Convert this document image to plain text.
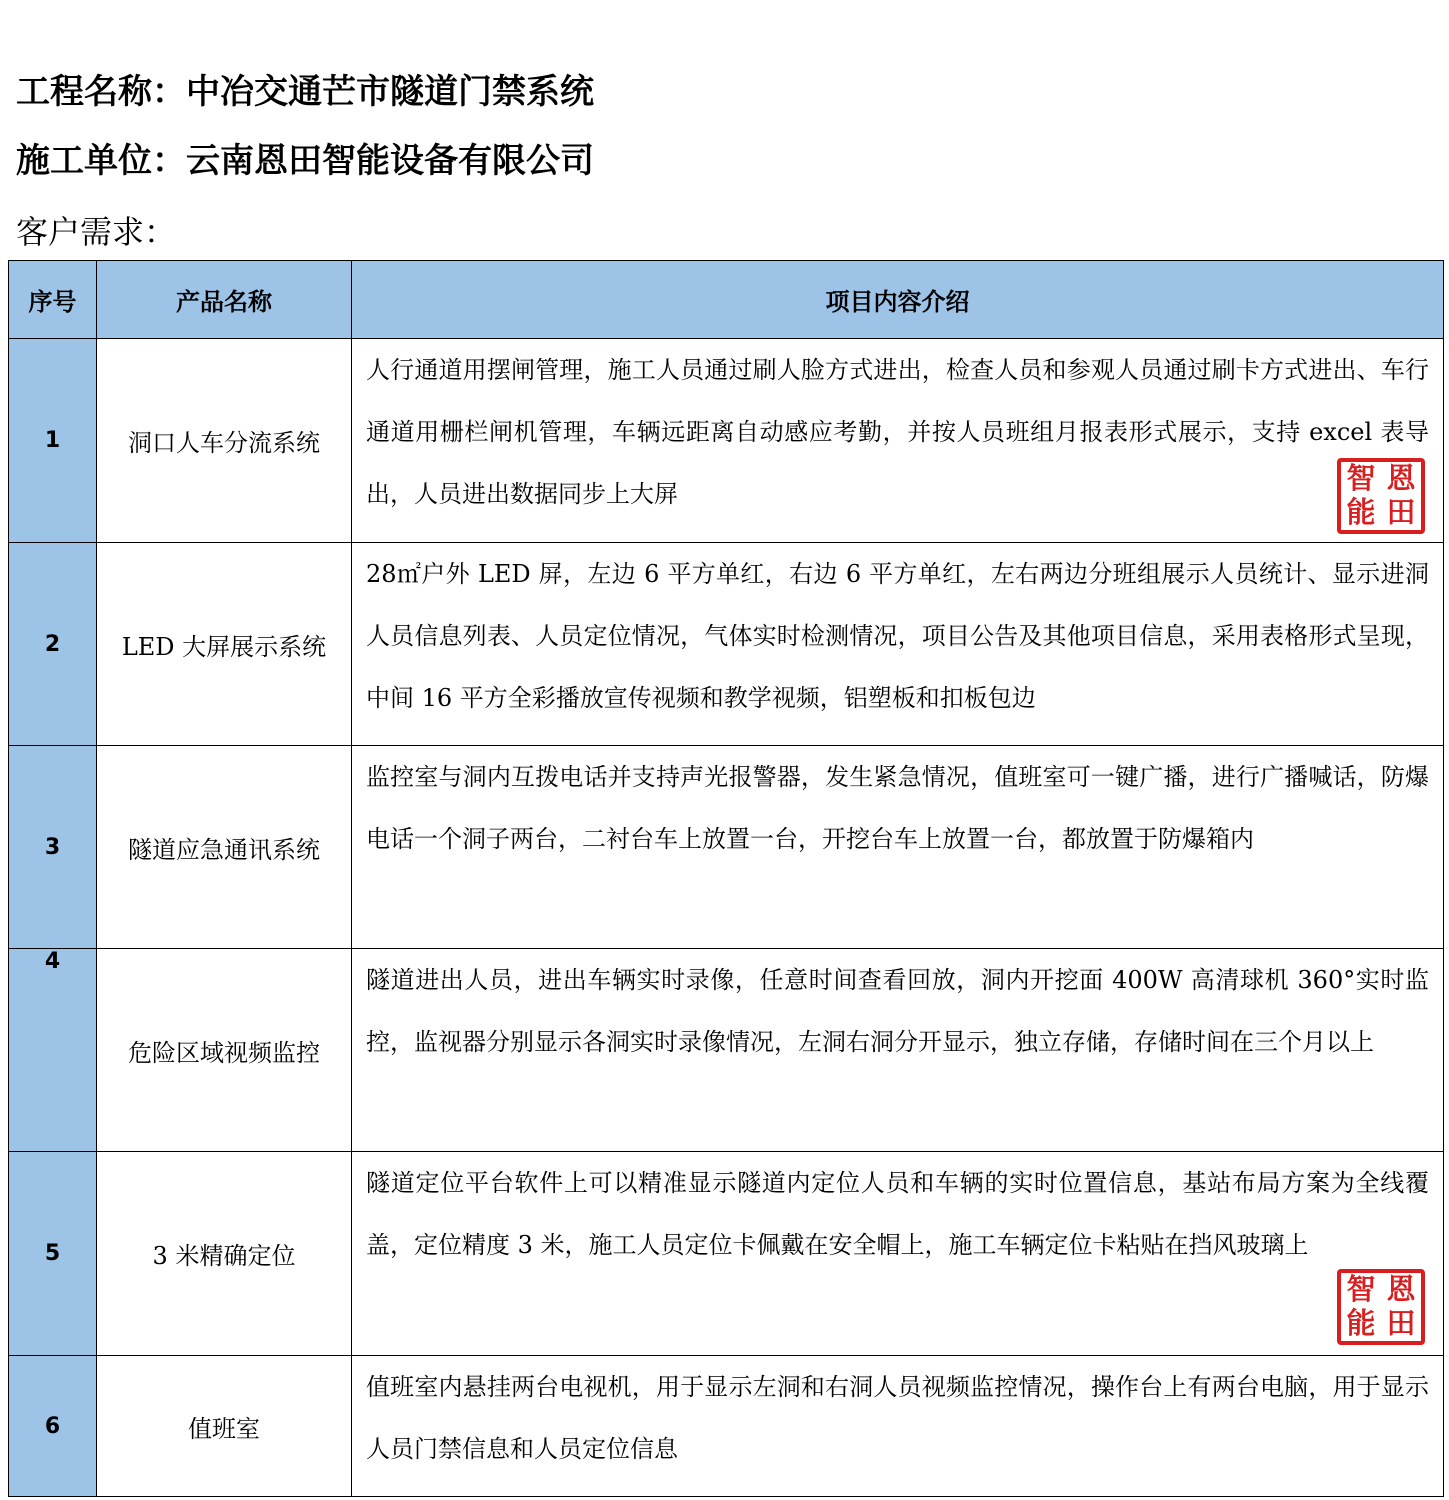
工程名称：中冶交通芒市隧道门禁系统
施工单位：云南恩田智能设备有限公司
客户需求：
序号	产品名称	项目内容介绍
1	洞口人车分流系统	人行通道用摆闸管理，施工人员通过刷人脸方式进出，检查人员和参观人员通过刷卡方式进出、车行通道用栅栏闸机管理，车辆远距离自动感应考勤，并按人员班组月报表形式展示，支持 excel 表导出，人员进出数据同步上大屏 智 恩
能 田

2	LED 大屏展示系统	28㎡户外 LED 屏，左边 6 平方单红，右边 6 平方单红，左右两边分班组展示人员统计、显示进洞人员信息列表、人员定位情况，气体实时检测情况，项目公告及其他项目信息，采用表格形式呈现，中间 16 平方全彩播放宣传视频和教学视频，铝塑板和扣板包边
3	隧道应急通讯系统	监控室与洞内互拨电话并支持声光报警器，发生紧急情况，值班室可一键广播，进行广播喊话，防爆电话一个洞子两台，二衬台车上放置一台，开挖台车上放置一台，都放置于防爆箱内
4	危险区域视频监控	隧道进出人员，进出车辆实时录像，任意时间查看回放，洞内开挖面 400W 高清球机 360°实时监控，监视器分别显示各洞实时录像情况，左洞右洞分开显示，独立存储，存储时间在三个月以上
5	3 米精确定位	隧道定位平台软件上可以精准显示隧道内定位人员和车辆的实时位置信息，基站布局方案为全线覆盖，定位精度 3 米，施工人员定位卡佩戴在安全帽上，施工车辆定位卡粘贴在挡风玻璃上
智 恩
能 田

6	值班室	值班室内悬挂两台电视机，用于显示左洞和右洞人员视频监控情况，操作台上有两台电脑，用于显示人员门禁信息和人员定位信息
